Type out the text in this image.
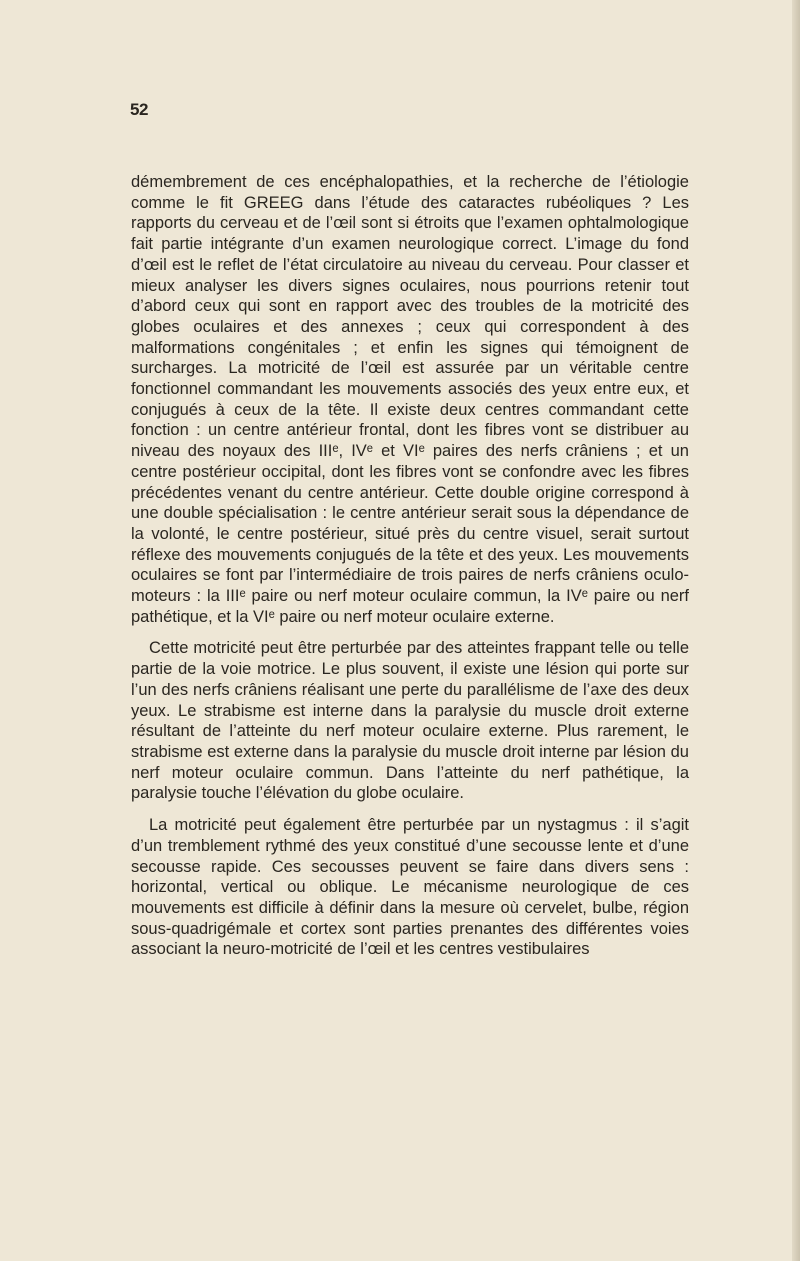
52

démembrement de ces encéphalopathies, et la recherche de l’étiologie comme le fit GREEG dans l’étude des cataractes rubéoliques ? Les rapports du cerveau et de l’œil sont si étroits que l’examen ophtalmologique fait partie intégrante d’un examen neurologique correct. L’image du fond d’œil est le reflet de l’état circulatoire au niveau du cerveau. Pour classer et mieux analyser les divers signes oculaires, nous pourrions retenir tout d’abord ceux qui sont en rapport avec des troubles de la motricité des globes oculaires et des annexes ; ceux qui correspondent à des malformations congénitales ; et enfin les signes qui témoignent de surcharges. La motricité de l’œil est assurée par un véritable centre fonctionnel commandant les mouvements associés des yeux entre eux, et conjugués à ceux de la tête. Il existe deux centres commandant cette fonction : un centre antérieur frontal, dont les fibres vont se distribuer au niveau des noyaux des IIIᵉ, IVᵉ et VIᵉ paires des nerfs crâniens ; et un centre postérieur occipital, dont les fibres vont se confondre avec les fibres précédentes venant du centre antérieur. Cette double origine correspond à une double spécialisation : le centre antérieur serait sous la dépendance de la volonté, le centre postérieur, situé près du centre visuel, serait surtout réflexe des mouvements conjugués de la tête et des yeux. Les mouvements oculaires se font par l’intermédiaire de trois paires de nerfs crâniens oculo-moteurs : la IIIᵉ paire ou nerf moteur oculaire commun, la IVᵉ paire ou nerf pathétique, et la VIᵉ paire ou nerf moteur oculaire externe.

Cette motricité peut être perturbée par des atteintes frappant telle ou telle partie de la voie motrice. Le plus souvent, il existe une lésion qui porte sur l’un des nerfs crâniens réalisant une perte du parallélisme de l’axe des deux yeux. Le strabisme est interne dans la paralysie du muscle droit externe résultant de l’atteinte du nerf moteur oculaire externe. Plus rarement, le strabisme est externe dans la paralysie du muscle droit interne par lésion du nerf moteur oculaire commun. Dans l’atteinte du nerf pathétique, la paralysie touche l’élévation du globe oculaire.

La motricité peut également être perturbée par un nystagmus : il s’agit d’un tremblement rythmé des yeux constitué d’une secousse lente et d’une secousse rapide. Ces secousses peuvent se faire dans divers sens : horizontal, vertical ou oblique. Le mécanisme neurologique de ces mouvements est difficile à définir dans la mesure où cervelet, bulbe, région sous-quadrigémale et cortex sont parties prenantes des différentes voies associant la neuro-motricité de l’œil et les centres vestibulaires
